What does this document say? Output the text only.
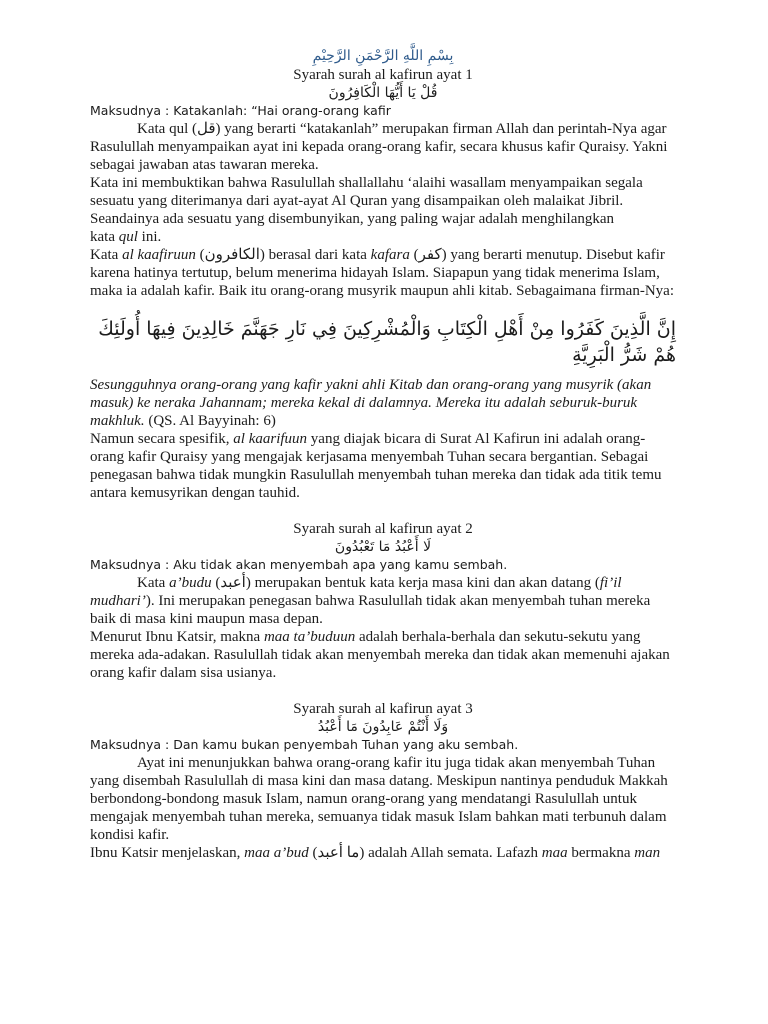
بِسْمِ اللَّهِ الرَّحْمَنِ الرَّحِيْمِ
Syarah surah al kafirun ayat 1
قُلْ يَا أَيُّهَا الْكَافِرُونَ
Maksudnya : Katakanlah: “Hai orang-orang kafir

Kata qul (قل) yang berarti “katakanlah” merupakan firman Allah dan perintah-Nya agar Rasulullah menyampaikan ayat ini kepada orang-orang kafir, secara khusus kafir Quraisy. Yakni sebagai jawaban atas tawaran mereka.

Kata ini membuktikan bahwa Rasulullah shallallahu ‘alaihi wasallam menyampaikan segala sesuatu yang diterimanya dari ayat-ayat Al Quran yang disampaikan oleh malaikat Jibril. Seandainya ada sesuatu yang disembunyikan, yang paling wajar adalah menghilangkan

kata qul ini.

Kata al kaafiruun (الكافرون) berasal dari kata kafara (كفر) yang berarti menutup. Disebut kafir karena hatinya tertutup, belum menerima hidayah Islam. Siapapun yang tidak menerima Islam, maka ia adalah kafir. Baik itu orang-orang musyrik maupun ahli kitab. Sebagaimana firman-Nya:

إِنَّ الَّذِينَ كَفَرُوا مِنْ أَهْلِ الْكِتَابِ وَالْمُشْرِكِينَ فِي نَارِ جَهَنَّمَ خَالِدِينَ فِيهَا أُولَئِكَ هُمْ شَرُّ الْبَرِيَّةِ

Sesungguhnya orang-orang yang kafir yakni ahli Kitab dan orang-orang yang musyrik (akan masuk) ke neraka Jahannam; mereka kekal di dalamnya. Mereka itu adalah seburuk-buruk makhluk. (QS. Al Bayyinah: 6)

Namun secara spesifik, al kaarifuun yang diajak bicara di Surat Al Kafirun ini adalah orang-orang kafir Quraisy yang mengajak kerjasama menyembah Tuhan secara bergantian. Sebagai penegasan bahwa tidak mungkin Rasulullah menyembah tuhan mereka dan tidak ada titik temu antara kemusyrikan dengan tauhid.

Syarah surah al kafirun ayat 2
لَا أَعْبُدُ مَا تَعْبُدُونَ
Maksudnya : Aku tidak akan menyembah apa yang kamu sembah.

Kata a’budu (أعبد) merupakan bentuk kata kerja masa kini dan akan datang (fi’il mudhari’). Ini merupakan penegasan bahwa Rasulullah tidak akan menyembah tuhan mereka baik di masa kini maupun masa depan.

Menurut Ibnu Katsir, makna maa ta’buduun adalah berhala-berhala dan sekutu-sekutu yang mereka ada-adakan. Rasulullah tidak akan menyembah mereka dan tidak akan memenuhi ajakan orang kafir dalam sisa usianya.

Syarah surah al kafirun ayat 3
وَلَا أَنْتُمْ عَابِدُونَ مَا أَعْبُدُ
Maksudnya : Dan kamu bukan penyembah Tuhan yang aku sembah.

Ayat ini menunjukkan bahwa orang-orang kafir itu juga tidak akan menyembah Tuhan yang disembah Rasulullah di masa kini dan masa datang. Meskipun nantinya penduduk Makkah berbondong-bondong masuk Islam, namun orang-orang yang mendatangi Rasulullah untuk mengajak menyembah tuhan mereka, semuanya tidak masuk Islam bahkan mati terbunuh dalam kondisi kafir.

Ibnu Katsir menjelaskan, maa a’bud (ما أعبد) adalah Allah semata. Lafazh maa bermakna man
